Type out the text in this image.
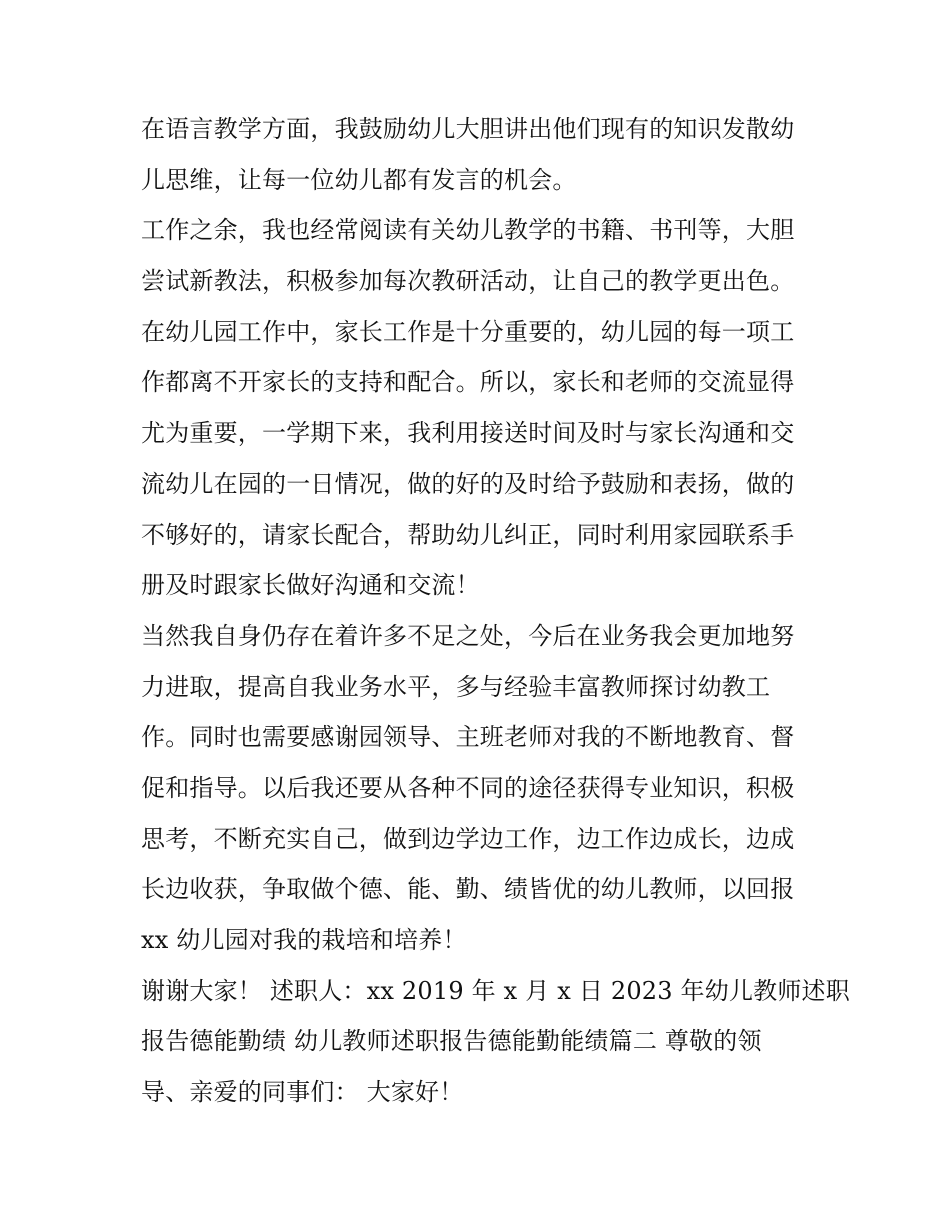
在语言教学方面，我鼓励幼儿大胆讲出他们现有的知识发散幼
儿思维，让每一位幼儿都有发言的机会。
工作之余，我也经常阅读有关幼儿教学的书籍、书刊等，大胆
尝试新教法，积极参加每次教研活动，让自己的教学更出色。
在幼儿园工作中，家长工作是十分重要的，幼儿园的每一项工
作都离不开家长的支持和配合。所以，家长和老师的交流显得
尤为重要，一学期下来，我利用接送时间及时与家长沟通和交
流幼儿在园的一日情况，做的好的及时给予鼓励和表扬，做的
不够好的，请家长配合，帮助幼儿纠正，同时利用家园联系手
册及时跟家长做好沟通和交流！
当然我自身仍存在着许多不足之处，今后在业务我会更加地努
力进取，提高自我业务水平，多与经验丰富教师探讨幼教工
作。同时也需要感谢园领导、主班老师对我的不断地教育、督
促和指导。以后我还要从各种不同的途径获得专业知识，积极
思考，不断充实自己，做到边学边工作，边工作边成长，边成
长边收获，争取做个德、能、勤、绩皆优的幼儿教师，以回报
xx 幼儿园对我的栽培和培养！
谢谢大家！ 述职人：xx 2019 年 x 月 x 日 2023 年幼儿教师述职
报告德能勤绩 幼儿教师述职报告德能勤能绩篇二 尊敬的领
导、亲爱的同事们： 大家好！
